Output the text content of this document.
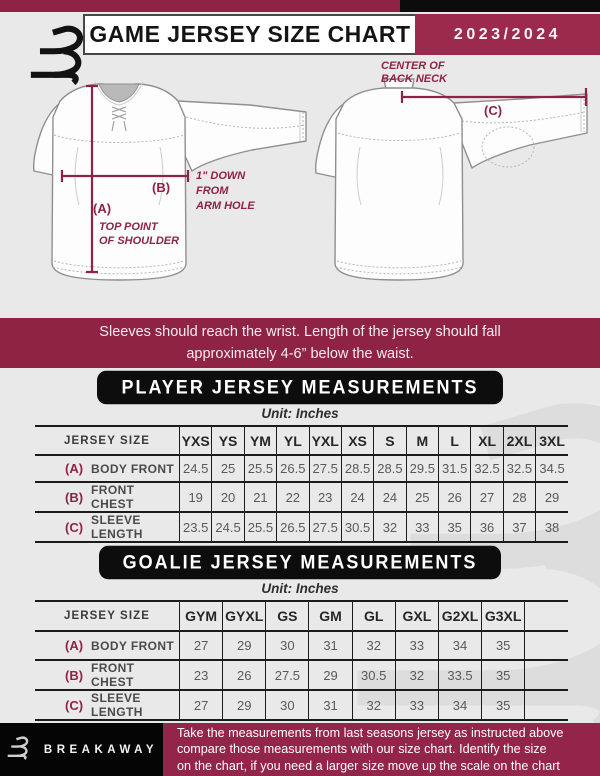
GAME JERSEY SIZE CHART	2023/2024
(B)
1" DOWN
FROM
ARM HOLE
(A)
TOP POINT
OF SHOULDER
CENTER OF
BACK NECK
(C)
Sleeves should reach the wrist. Length of the jersey should fall
approximately 4-6” below the waist.
PLAYER JERSEY MEASUREMENTS
Unit: Inches
JERSEY SIZE	YXS	YS	YM	YL	YXL	XS	S	M	L	XL	2XL	3XL

(A) BODY FRONT	24.5	25	25.5	26.5	27.5	28.5	28.5	29.5	31.5	32.5	32.5	34.5

(B) FRONT CHEST	19	20	21	22	23	24	24	25	26	27	28	29

(C) SLEEVE LENGTH	23.5	24.5	25.5	26.5	27.5	30.5	32	33	35	36	37	38
GOALIE JERSEY MEASUREMENTS
Unit: Inches
JERSEY SIZE	GYM	GYXL	GS	GM	GL	GXL	G2XL	G3XL	

(A) BODY FRONT	27	29	30	31	32	33	34	35	

(B) FRONT CHEST	23	26	27.5	29	30.5	32	33.5	35	

(C) SLEEVE LENGTH	27	29	30	31	32	33	34	35	
BREAKAWAY
Take the measurements from last seasons jersey as instructed above
compare those measurements with our size chart. Identify the size
on the chart, if you need a larger size move up the scale on the chart
